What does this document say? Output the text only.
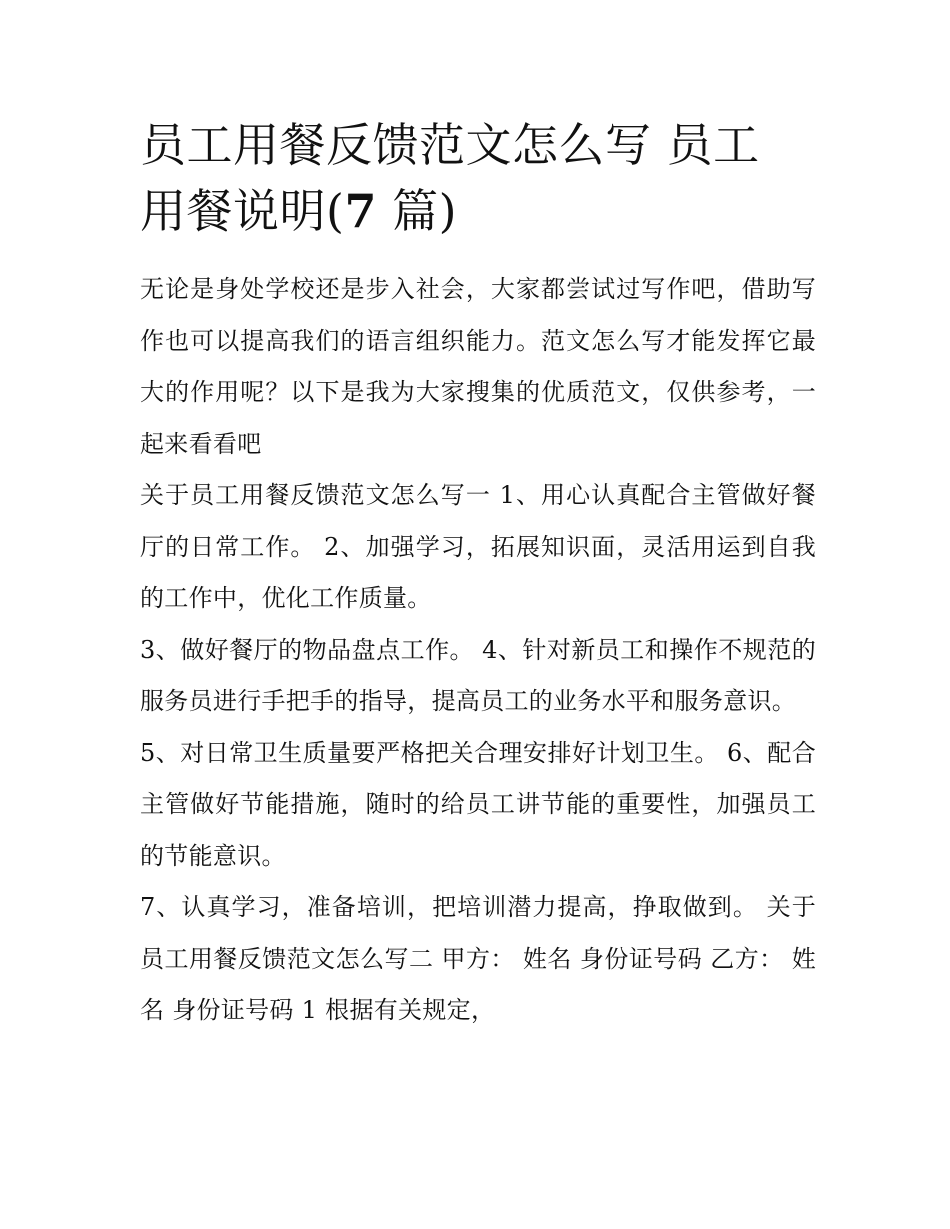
员工用餐反馈范文怎么写 员工
用餐说明(7 篇)

无论是身处学校还是步入社会，大家都尝试过写作吧，借助写作也可以提高我们的语言组织能力。范文怎么写才能发挥它最大的作用呢？以下是我为大家搜集的优质范文，仅供参考，一起来看看吧

关于员工用餐反馈范文怎么写一 1、用心认真配合主管做好餐厅的日常工作。 2、加强学习，拓展知识面，灵活用运到自我的工作中，优化工作质量。

3、做好餐厅的物品盘点工作。 4、针对新员工和操作不规范的服务员进行手把手的指导，提高员工的业务水平和服务意识。

5、对日常卫生质量要严格把关合理安排好计划卫生。 6、配合主管做好节能措施，随时的给员工讲节能的重要性，加强员工的节能意识。

7、认真学习，准备培训，把培训潜力提高，挣取做到。 关于员工用餐反馈范文怎么写二 甲方： 姓名 身份证号码 乙方： 姓名 身份证号码 1 根据有关规定，
